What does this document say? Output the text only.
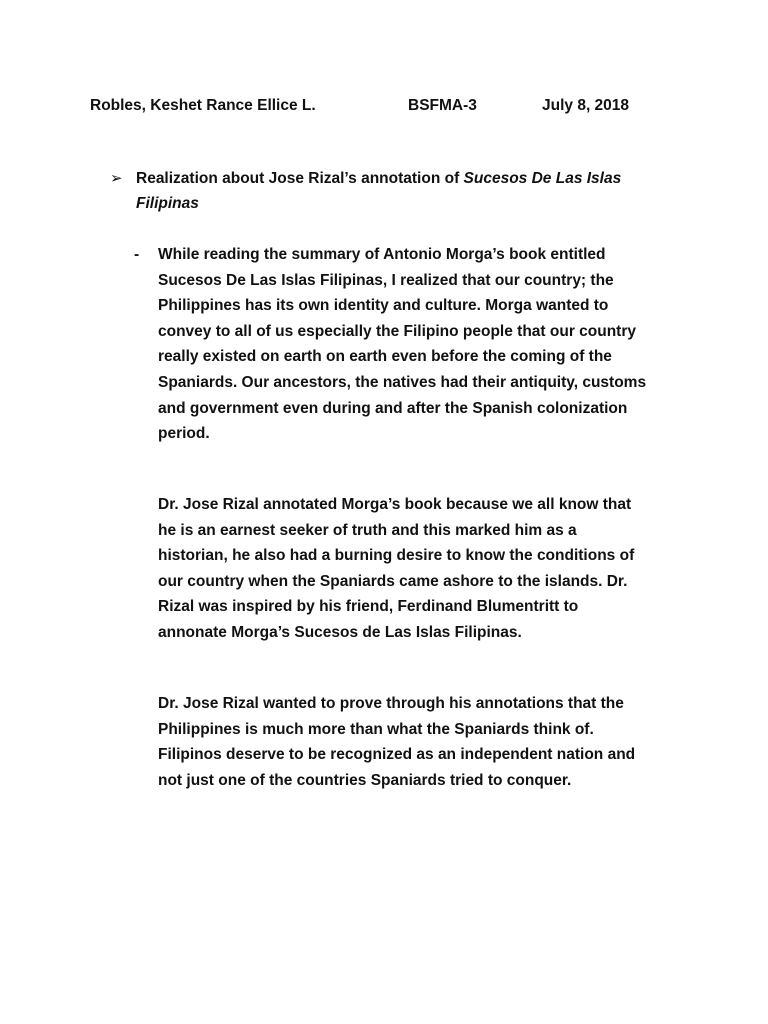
Robles, Keshet Rance Ellice L.	BSFMA-3	July 8, 2018
➢ Realization about Jose Rizal’s annotation of Sucesos De Las Islas Filipinas
- While reading the summary of Antonio Morga’s book entitled
Sucesos De Las Islas Filipinas, I realized that our country; the
Philippines has its own identity and culture. Morga wanted to
convey to all of us especially the Filipino people that our country
really existed on earth on earth even before the coming of the
Spaniards. Our ancestors, the natives had their antiquity, customs
and government even during and after the Spanish colonization
period.

Dr. Jose Rizal annotated Morga’s book because we all know that
he is an earnest seeker of truth and this marked him as a
historian, he also had a burning desire to know the conditions of
our country when the Spaniards came ashore to the islands. Dr.
Rizal was inspired by his friend, Ferdinand Blumentritt to
annonate Morga’s Sucesos de Las Islas Filipinas.

Dr. Jose Rizal wanted to prove through his annotations that the
Philippines is much more than what the Spaniards think of.
Filipinos deserve to be recognized as an independent nation and
not just one of the countries Spaniards tried to conquer.
